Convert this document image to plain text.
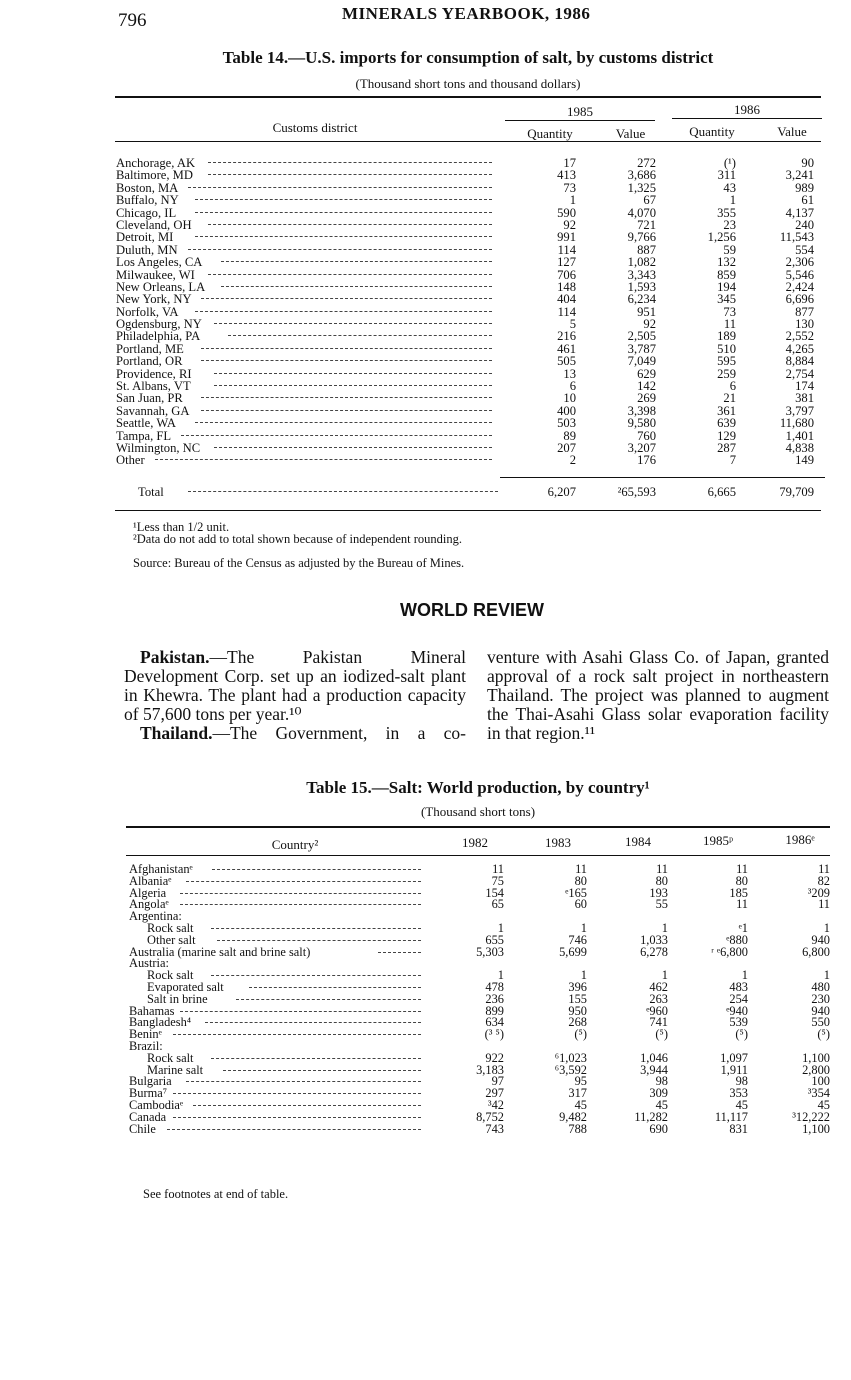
796	MINERALS YEARBOOK, 1986
Table 14.—U.S. imports for consumption of salt, by customs district
(Thousand short tons and thousand dollars)
Customs district
1985	1986
Quantity	Value	Quantity	Value
Anchorage, AK	17	272	(¹)	90
Baltimore, MD	413	3,686	311	3,241
Boston, MA	73	1,325	43	989
Buffalo, NY	1	67	1	61
Chicago, IL	590	4,070	355	4,137
Cleveland, OH	92	721	23	240
Detroit, MI	991	9,766	1,256	11,543
Duluth, MN	114	887	59	554
Los Angeles, CA	127	1,082	132	2,306
Milwaukee, WI	706	3,343	859	5,546
New Orleans, LA	148	1,593	194	2,424
New York, NY	404	6,234	345	6,696
Norfolk, VA	114	951	73	877
Ogdensburg, NY	5	92	11	130
Philadelphia, PA	216	2,505	189	2,552
Portland, ME	461	3,787	510	4,265
Portland, OR	505	7,049	595	8,884
Providence, RI	13	629	259	2,754
St. Albans, VT	6	142	6	174
San Juan, PR	10	269	21	381
Savannah, GA	400	3,398	361	3,797
Seattle, WA	503	9,580	639	11,680
Tampa, FL	89	760	129	1,401
Wilmington, NC	207	3,207	287	4,838
Other	2	176	7	149
Total	6,207	²65,593	6,665	79,709
¹Less than 1/2 unit.
²Data do not add to total shown because of independent rounding.
Source: Bureau of the Census as adjusted by the Bureau of Mines.
WORLD REVIEW
Pakistan.—The Pakistan Mineral Development Corp. set up an iodized-salt plant in Khewra. The plant had a production capacity of 57,600 tons per year.¹⁰
Thailand.—The Government, in a co-
venture with Asahi Glass Co. of Japan, granted approval of a rock salt project in northeastern Thailand. The project was planned to augment the Thai-Asahi Glass solar evaporation facility in that region.¹¹
Table 15.—Salt: World production, by country¹
(Thousand short tons)
Country²	1982	1983	1984	1985ᵖ	1986ᵉ
Afghanistanᵉ	11	11	11	11	11
Albaniaᵉ	75	80	80	80	82
Algeria	154	ᵉ165	193	185	³209
Angolaᵉ	65	60	55	11	11
Argentina:
Rock salt	1	1	1	ᵉ1	1
Other salt	655	746	1,033	ᵉ880	940
Australia (marine salt and brine salt)	5,303	5,699	6,278	ʳ ᵉ6,800	6,800
Austria:
Rock salt	1	1	1	1	1
Evaporated salt	478	396	462	483	480
Salt in brine	236	155	263	254	230
Bahamas	899	950	ᵉ960	ᵉ940	940
Bangladesh⁴	634	268	741	539	550
Beninᵉ	(³ ⁵)	(⁵)	(⁵)	(⁵)	(⁵)
Brazil:
Rock salt	922	⁶1,023	1,046	1,097	1,100
Marine salt	3,183	⁶3,592	3,944	1,911	2,800
Bulgaria	97	95	98	98	100
Burma⁷	297	317	309	353	³354
Cambodiaᵉ	³42	45	45	45	45
Canada	8,752	9,482	11,282	11,117	³12,222
Chile	743	788	690	831	1,100
See footnotes at end of table.
